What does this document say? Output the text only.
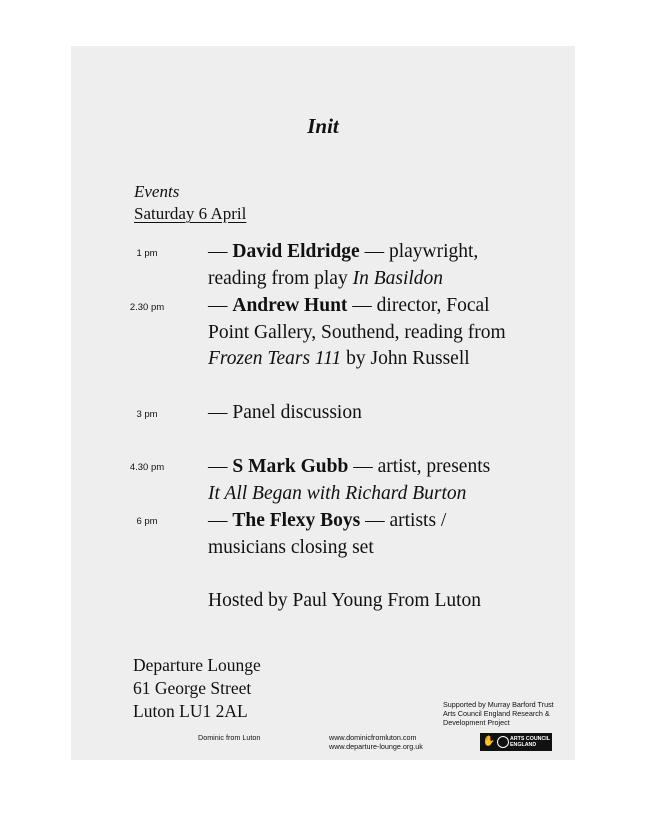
Init
Events
Saturday 6 April
1 pm	— David Eldridge — playwright,
reading from play In Basildon
2.30 pm	— Andrew Hunt — director, Focal
Point Gallery, Southend, reading from
Frozen Tears 111 by John Russell
3 pm	— Panel discussion
4.30 pm	— S Mark Gubb — artist, presents
It All Began with Richard Burton
6 pm	— The Flexy Boys — artists /
musicians closing set
Hosted by Paul Young From Luton
Departure Lounge
61 George Street
Luton LU1 2AL	Supported by Murray Barford Trust
Arts Council England Research &
Development Project
Dominic from Luton	www.dominicfromluton.com
www.departure-lounge.org.uk	✋	ARTS COUNCIL
ENGLAND
